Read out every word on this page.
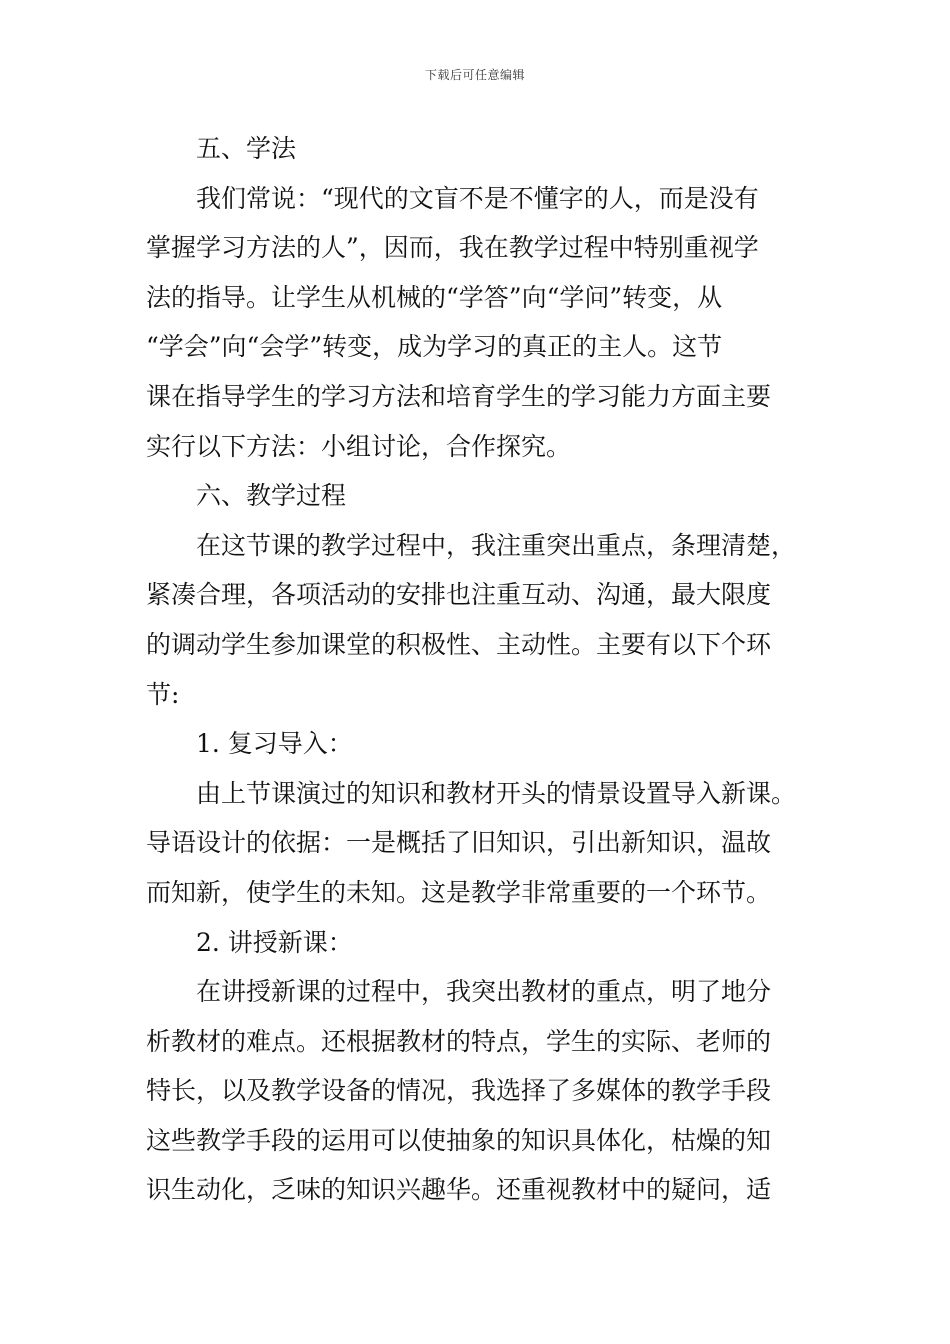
下载后可任意编辑
五、学法
我们常说：“现代的文盲不是不懂字的人，而是没有
掌握学习方法的人”，因而，我在教学过程中特别重视学
法的指导。让学生从机械的“学答”向“学问”转变，从
“学会”向“会学”转变，成为学习的真正的主人。这节
课在指导学生的学习方法和培育学生的学习能力方面主要
实行以下方法：小组讨论，合作探究。
六、教学过程
在这节课的教学过程中，我注重突出重点，条理清楚，
紧凑合理，各项活动的安排也注重互动、沟通，最大限度
的调动学生参加课堂的积极性、主动性。主要有以下个环
节:
1. 复习导入：
由上节课演过的知识和教材开头的情景设置导入新课。
导语设计的依据：一是概括了旧知识，引出新知识，温故
而知新，使学生的未知。这是教学非常重要的一个环节。
2. 讲授新课：
在讲授新课的过程中，我突出教材的重点，明了地分
析教材的难点。还根据教材的特点，学生的实际、老师的
特长，以及教学设备的情况，我选择了多媒体的教学手段
这些教学手段的运用可以使抽象的知识具体化，枯燥的知
识生动化，乏味的知识兴趣华。还重视教材中的疑问，适
